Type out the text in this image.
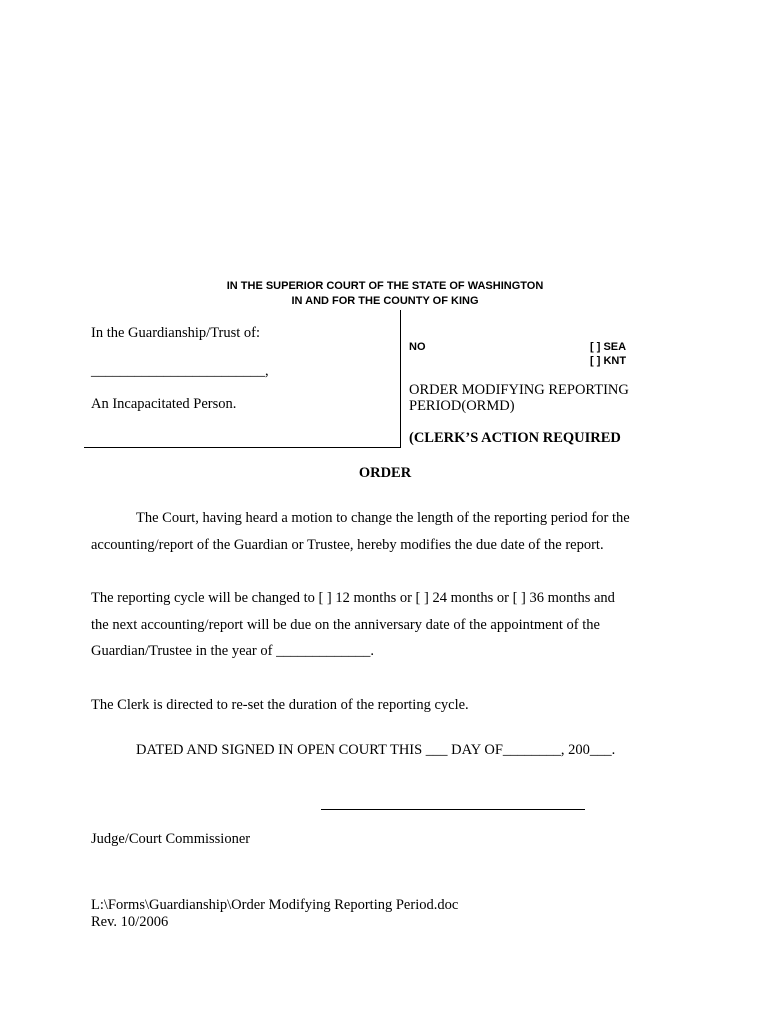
IN THE SUPERIOR COURT OF THE STATE OF WASHINGTON
IN AND FOR THE COUNTY OF KING
In the Guardianship/Trust of:
________________________,
An Incapacitated Person.
NO	[ ] SEA
[ ] KNT
ORDER MODIFYING REPORTING
PERIOD(ORMD)
(CLERK’S ACTION REQUIRED
ORDER
The Court, having heard a motion to change the length of the reporting period for the
accounting/report of the Guardian or Trustee, hereby modifies the due date of the report.
The reporting cycle will be changed to [ ] 12 months or [ ] 24 months or [ ] 36 months and
the next accounting/report will be due on the anniversary date of the appointment of the
Guardian/Trustee in the year of _____________.
The Clerk is directed to re-set the duration of the reporting cycle.
DATED AND SIGNED IN OPEN COURT THIS ___ DAY OF________, 200___.
Judge/Court Commissioner
L:\Forms\Guardianship\Order Modifying Reporting Period.doc
Rev. 10/2006
